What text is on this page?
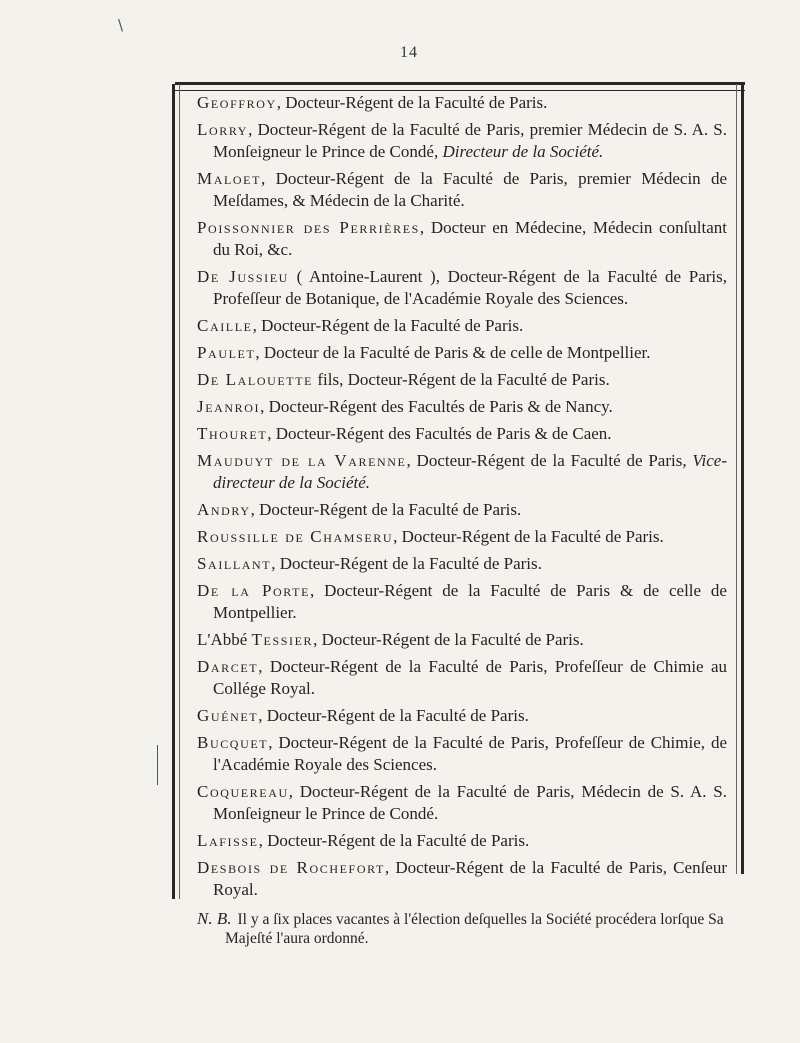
\
14
Geoffroy, Docteur-Régent de la Faculté de Paris.
Lorry, Docteur-Régent de la Faculté de Paris, premier Médecin de S. A. S. Monſeigneur le Prince de Condé, Directeur de la Société.
Maloet, Docteur-Régent de la Faculté de Paris, premier Médecin de Meſdames, & Médecin de la Charité.
Poissonnier des Perrières, Docteur en Médecine, Médecin conſultant du Roi, &c.
De Jussieu ( Antoine-Laurent ), Docteur-Régent de la Faculté de Paris, Profeſſeur de Botanique, de l'Académie Royale des Sciences.
Caille, Docteur-Régent de la Faculté de Paris.
Paulet, Docteur de la Faculté de Paris & de celle de Montpellier.
De Lalouette fils, Docteur-Régent de la Faculté de Paris.
Jeanroi, Docteur-Régent des Facultés de Paris & de Nancy.
Thouret, Docteur-Régent des Facultés de Paris & de Caen.
Mauduyt de la Varenne, Docteur-Régent de la Faculté de Paris, Vice-directeur de la Société.
Andry, Docteur-Régent de la Faculté de Paris.
Roussille de Chamseru, Docteur-Régent de la Faculté de Paris.
Saillant, Docteur-Régent de la Faculté de Paris.
De la Porte, Docteur-Régent de la Faculté de Paris & de celle de Montpellier.
L'Abbé Tessier, Docteur-Régent de la Faculté de Paris.
Darcet, Docteur-Régent de la Faculté de Paris, Profeſſeur de Chimie au Collége Royal.
Guénet, Docteur-Régent de la Faculté de Paris.
Bucquet, Docteur-Régent de la Faculté de Paris, Profeſſeur de Chimie, de l'Académie Royale des Sciences.
Coquereau, Docteur-Régent de la Faculté de Paris, Médecin de S. A. S. Monſeigneur le Prince de Condé.
Lafisse, Docteur-Régent de la Faculté de Paris.
Desbois de Rochefort, Docteur-Régent de la Faculté de Paris, Cenſeur Royal.
N. B. Il y a ſix places vacantes à l'élection deſquelles la Société procédera lorſque Sa Majeſté l'aura ordonné.
